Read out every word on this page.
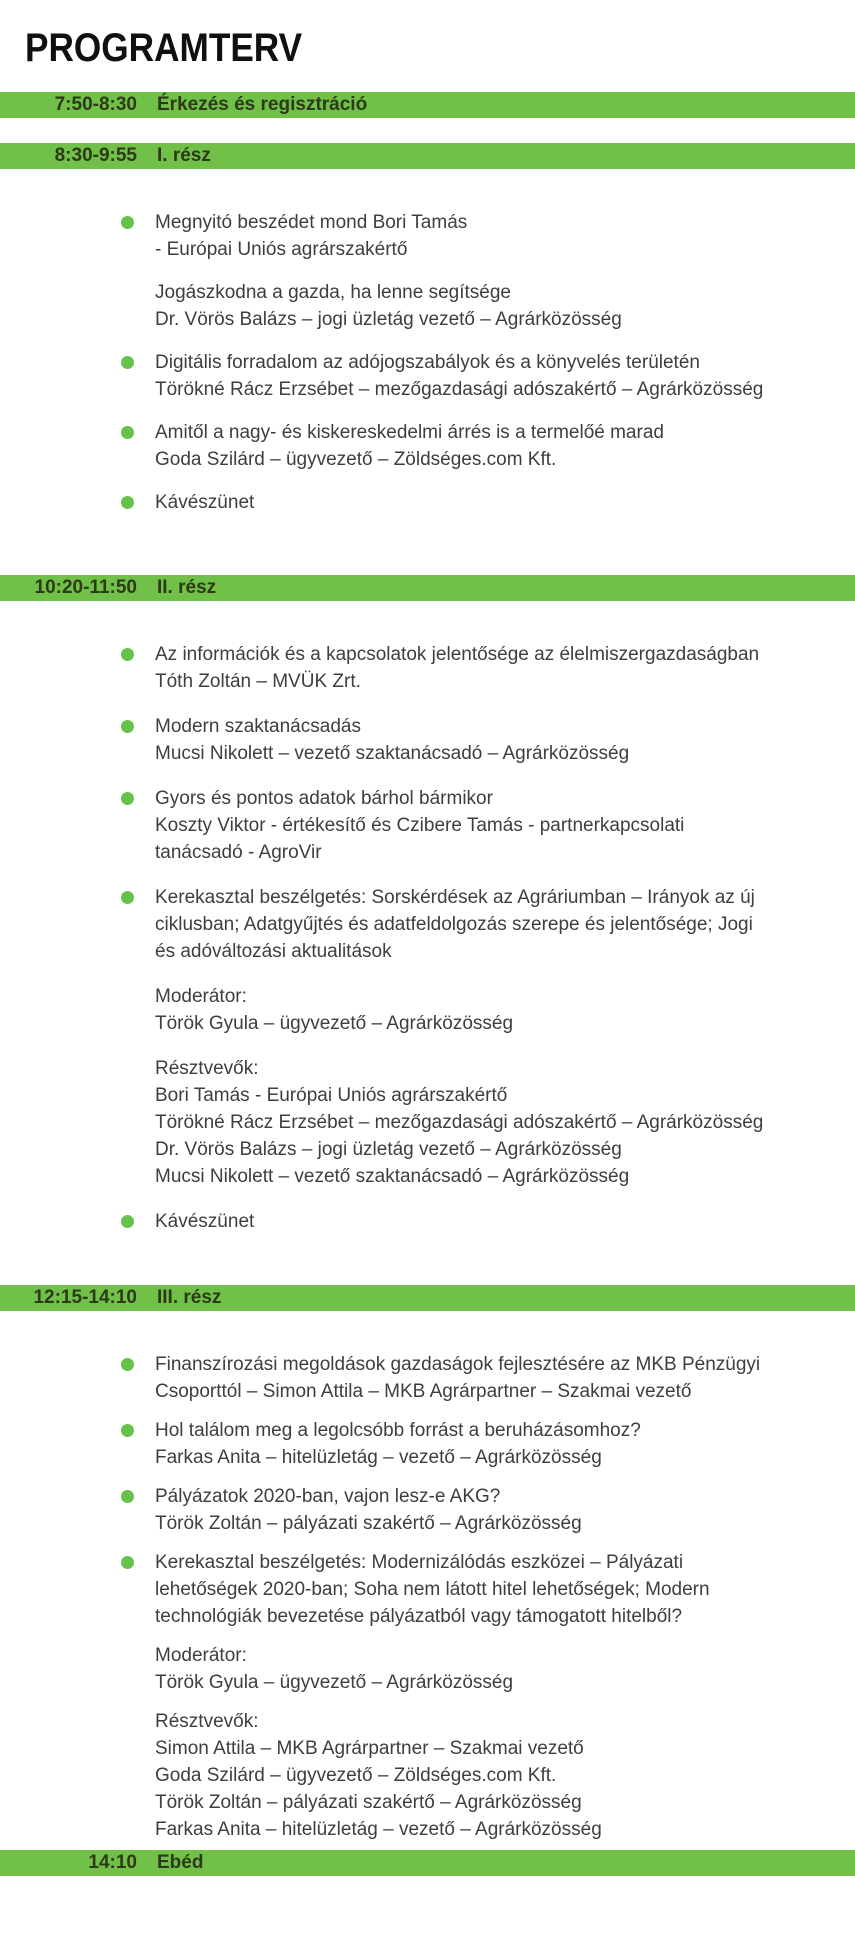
PROGRAMTERV
7:50-8:30 Érkezés és regisztráció
8:30-9:55 I. rész
Megnyitó beszédet mond Bori Tamás
- Európai Uniós agrárszakértő
Jogászkodna a gazda, ha lenne segítsége
Dr. Vörös Balázs – jogi üzletág vezető – Agrárközösség
Digitális forradalom az adójogszabályok és a könyvelés területén
Törökné Rácz Erzsébet – mezőgazdasági adószakértő – Agrárközösség
Amitől a nagy- és kiskereskedelmi árrés is a termelőé marad
Goda Szilárd – ügyvezető – Zöldséges.com Kft.
Kávészünet
10:20-11:50 II. rész
Az információk és a kapcsolatok jelentősége az élelmiszergazdaságban
Tóth Zoltán – MVÜK Zrt.
Modern szaktanácsadás
Mucsi Nikolett – vezető szaktanácsadó – Agrárközösség
Gyors és pontos adatok bárhol bármikor
Koszty Viktor - értékesítő és Czibere Tamás - partnerkapcsolati
tanácsadó - AgroVir
Kerekasztal beszélgetés: Sorskérdések az Agráriumban – Irányok az új
ciklusban; Adatgyűjtés és adatfeldolgozás szerepe és jelentősége; Jogi
és adóváltozási aktualitások
Moderátor:
Török Gyula – ügyvezető – Agrárközösség
Résztvevők:
Bori Tamás - Európai Uniós agrárszakértő
Törökné Rácz Erzsébet – mezőgazdasági adószakértő – Agrárközösség
Dr. Vörös Balázs – jogi üzletág vezető – Agrárközösség
Mucsi Nikolett – vezető szaktanácsadó – Agrárközösség
Kávészünet
12:15-14:10 III. rész
Finanszírozási megoldások gazdaságok fejlesztésére az MKB Pénzügyi
Csoporttól – Simon Attila – MKB Agrárpartner – Szakmai vezető
Hol találom meg a legolcsóbb forrást a beruházásomhoz?
Farkas Anita – hitelüzletág – vezető – Agrárközösség
Pályázatok 2020-ban, vajon lesz-e AKG?
Török Zoltán – pályázati szakértő – Agrárközösség
Kerekasztal beszélgetés: Modernizálódás eszközei – Pályázati
lehetőségek 2020-ban; Soha nem látott hitel lehetőségek; Modern
technológiák bevezetése pályázatból vagy támogatott hitelből?
Moderátor:
Török Gyula – ügyvezető – Agrárközösség
Résztvevők:
Simon Attila – MKB Agrárpartner – Szakmai vezető
Goda Szilárd – ügyvezető – Zöldséges.com Kft.
Török Zoltán – pályázati szakértő – Agrárközösség
Farkas Anita – hitelüzletág – vezető – Agrárközösség
14:10 Ebéd
